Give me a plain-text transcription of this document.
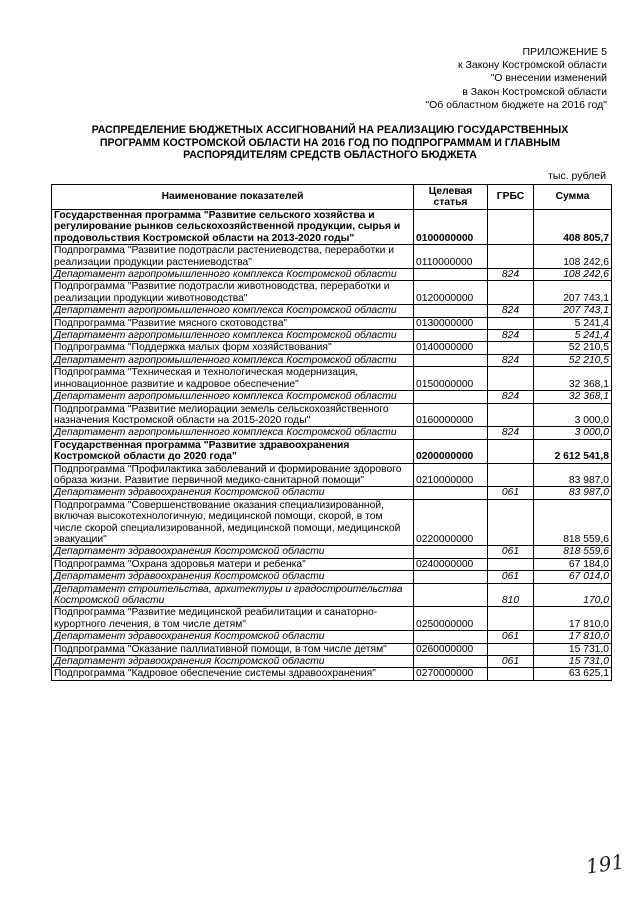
ПРИЛОЖЕНИЕ 5
к Закону Костромской области
"О внесении изменений
в Закон Костромской области
"Об областном бюджете на 2016 год"
РАСПРЕДЕЛЕНИЕ БЮДЖЕТНЫХ АССИГНОВАНИЙ НА РЕАЛИЗАЦИЮ ГОСУДАРСТВЕННЫХ
ПРОГРАММ КОСТРОМСКОЙ ОБЛАСТИ НА 2016 ГОД ПО ПОДПРОГРАММАМ И ГЛАВНЫМ
РАСПОРЯДИТЕЛЯМ СРЕДСТВ ОБЛАСТНОГО БЮДЖЕТА
тыс. рублей
Наименование показателей	Целевая статья	ГРБС	Сумма
Государственная программа "Развитие сельского хозяйства и регулирование рынков сельскохозяйственной продукции, сырья и продовольствия Костромской области на 2013-2020 годы"	0100000000		408 805,7
Подпрограмма "Развитие подотрасли растениеводства, переработки и реализации продукции растениеводства"	0110000000		108 242,6
Департамент агропромышленного комплекса Костромской области		824	108 242,6
Подпрограмма "Развитие подотрасли животноводства, переработки и реализации продукции животноводства"	0120000000		207 743,1
Департамент агропромышленного комплекса Костромской области		824	207 743,1
Подпрограмма "Развитие мясного скотоводства"	0130000000		5 241,4
Департамент агропромышленного комплекса Костромской области		824	5 241,4
Подпрограмма "Поддержка малых форм хозяйствования"	0140000000		52 210,5
Департамент агропромышленного комплекса Костромской области		824	52 210,5
Подпрограмма "Техническая и технологическая модернизация, инновационное развитие и кадровое обеспечение"	0150000000		32 368,1
Департамент агропромышленного комплекса Костромской области		824	32 368,1
Подпрограмма "Развитие мелиорации земель сельскохозяйственного назначения Костромской области на 2015-2020 годы"	0160000000		3 000,0
Департамент агропромышленного комплекса Костромской области		824	3 000,0
Государственная программа "Развитие здравоохранения Костромской области до 2020 года"	0200000000		2 612 541,8
Подпрограмма "Профилактика заболеваний и формирование здорового образа жизни. Развитие первичной медико-санитарной помощи"	0210000000		83 987,0
Департамент здравоохранения Костромской области		061	83 987,0
Подпрограмма "Совершенствование оказания специализированной, включая высокотехнологичную, медицинской помощи, скорой, в том числе скорой специализированной, медицинской помощи, медицинской эвакуации"	0220000000		818 559,6
Департамент здравоохранения Костромской области		061	818 559,6
Подпрограмма "Охрана здоровья матери и ребенка"	0240000000		67 184,0
Департамент здравоохранения Костромской области		061	67 014,0
Департамент строительства, архитектуры и градостроительства Костромской области		810	170,0
Подпрограмма "Развитие медицинской реабилитации и санаторно-курортного лечения, в том числе детям"	0250000000		17 810,0
Департамент здравоохранения Костромской области		061	17 810,0
Подпрограмма "Оказание паллиативной помощи, в том числе детям"	0260000000		15 731,0
Департамент здравоохранения Костромской области		061	15 731,0
Подпрограмма "Кадровое обеспечение системы здравоохранения"	0270000000		63 625,1
191
